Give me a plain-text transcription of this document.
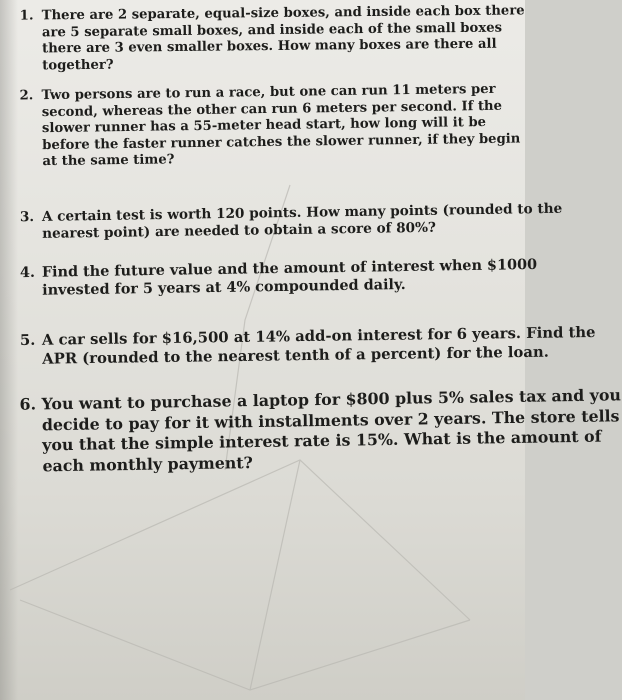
1. There are 2 separate, equal-size boxes, and inside each box there
are 5 separate small boxes, and inside each of the small boxes
there are 3 even smaller boxes. How many boxes are there all
together?
2. Two persons are to run a race, but one can run 11 meters per
second, whereas the other can run 6 meters per second. If the
slower runner has a 55-meter head start, how long will it be
before the faster runner catches the slower runner, if they begin
at the same time?
3. A certain test is worth 120 points. How many points (rounded to the
nearest point) are needed to obtain a score of 80%?
4. Find the future value and the amount of interest when $1000
invested for 5 years at 4% compounded daily.
5. A car sells for $16,500 at 14% add-on interest for 6 years. Find the
APR (rounded to the nearest tenth of a percent) for the loan.
6. You want to purchase a laptop for $800 plus 5% sales tax and you
decide to pay for it with installments over 2 years. The store tells
you that the simple interest rate is 15%. What is the amount of
each monthly payment?
